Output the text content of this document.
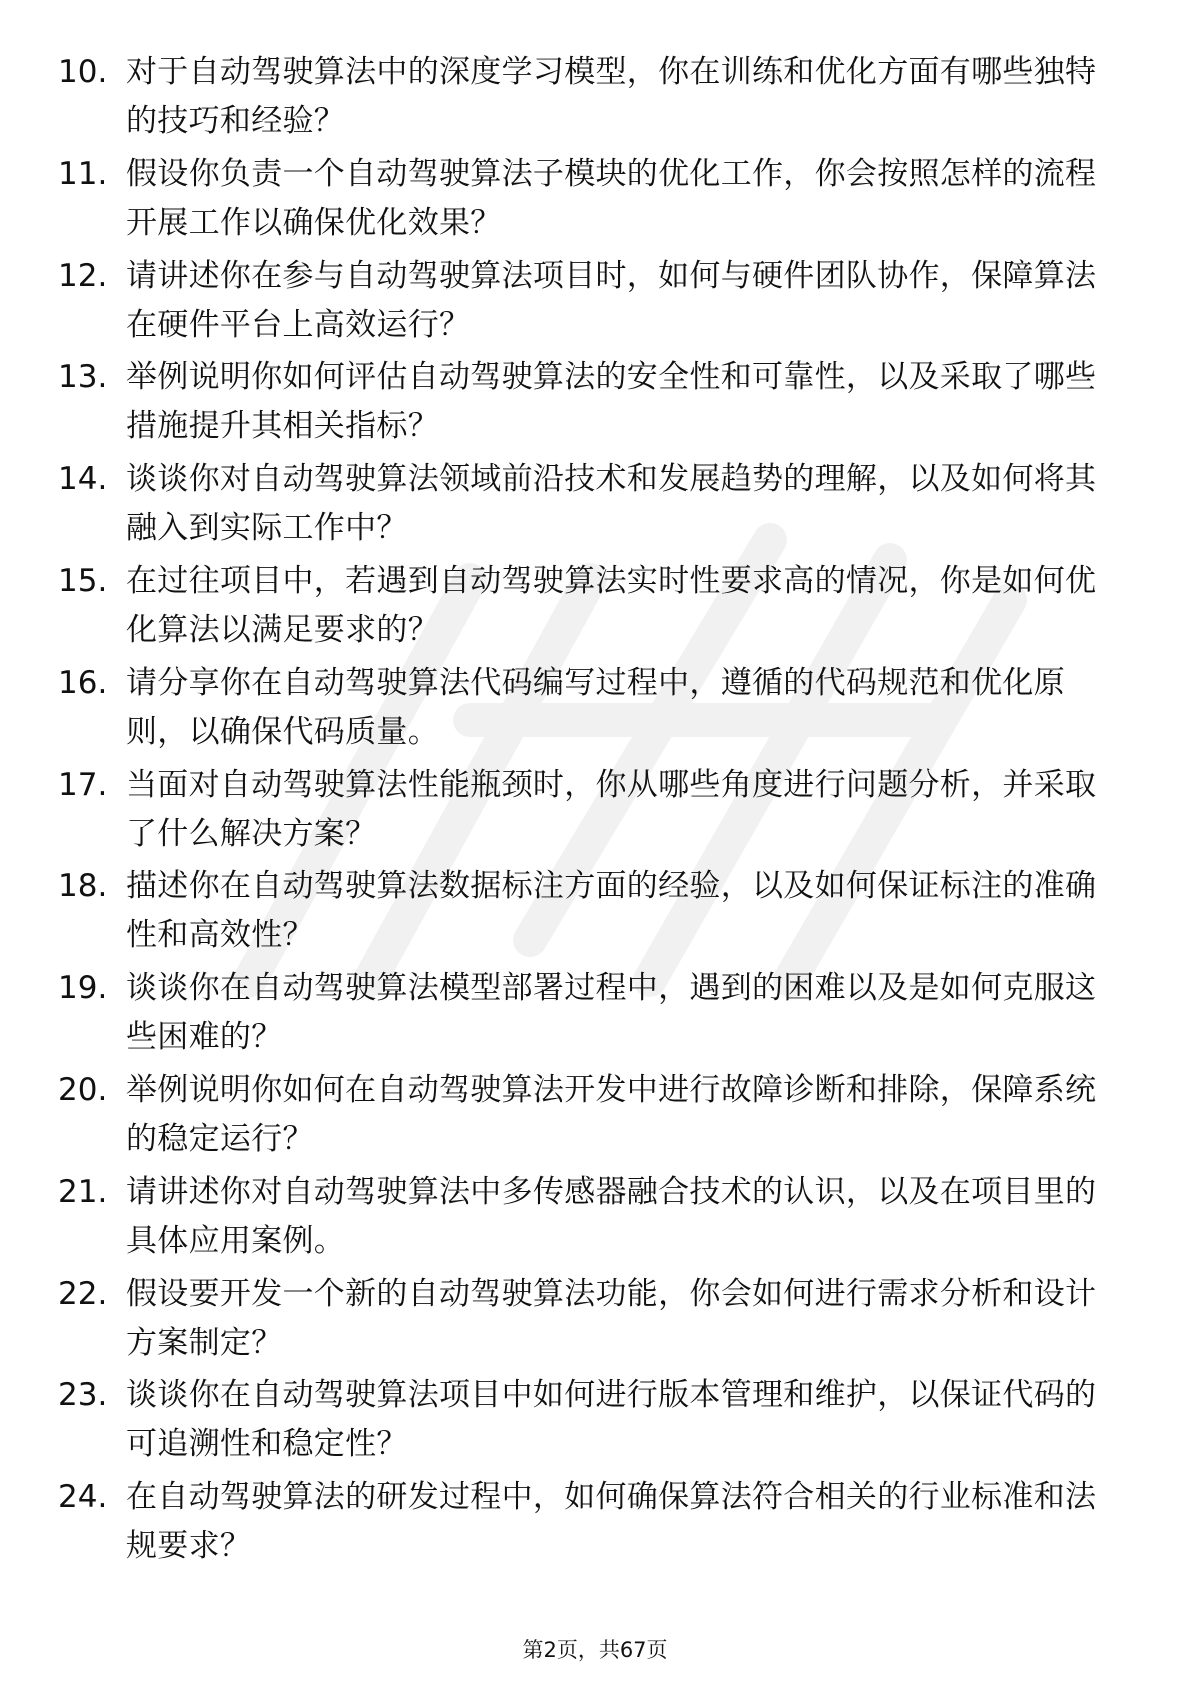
10. 对于自动驾驶算法中的深度学习模型，你在训练和优化方面有哪些独特的技巧和经验？
11. 假设你负责一个自动驾驶算法子模块的优化工作，你会按照怎样的流程开展工作以确保优化效果？
12. 请讲述你在参与自动驾驶算法项目时，如何与硬件团队协作，保障算法在硬件平台上高效运行？
13. 举例说明你如何评估自动驾驶算法的安全性和可靠性，以及采取了哪些措施提升其相关指标？
14. 谈谈你对自动驾驶算法领域前沿技术和发展趋势的理解，以及如何将其融入到实际工作中？
15. 在过往项目中，若遇到自动驾驶算法实时性要求高的情况，你是如何优化算法以满足要求的？
16. 请分享你在自动驾驶算法代码编写过程中，遵循的代码规范和优化原则，以确保代码质量。
17. 当面对自动驾驶算法性能瓶颈时，你从哪些角度进行问题分析，并采取了什么解决方案？
18. 描述你在自动驾驶算法数据标注方面的经验，以及如何保证标注的准确性和高效性？
19. 谈谈你在自动驾驶算法模型部署过程中，遇到的困难以及是如何克服这些困难的？
20. 举例说明你如何在自动驾驶算法开发中进行故障诊断和排除，保障系统的稳定运行？
21. 请讲述你对自动驾驶算法中多传感器融合技术的认识，以及在项目里的具体应用案例。
22. 假设要开发一个新的自动驾驶算法功能，你会如何进行需求分析和设计方案制定？
23. 谈谈你在自动驾驶算法项目中如何进行版本管理和维护，以保证代码的可追溯性和稳定性？
24. 在自动驾驶算法的研发过程中，如何确保算法符合相关的行业标准和法规要求？
第2页，共67页
